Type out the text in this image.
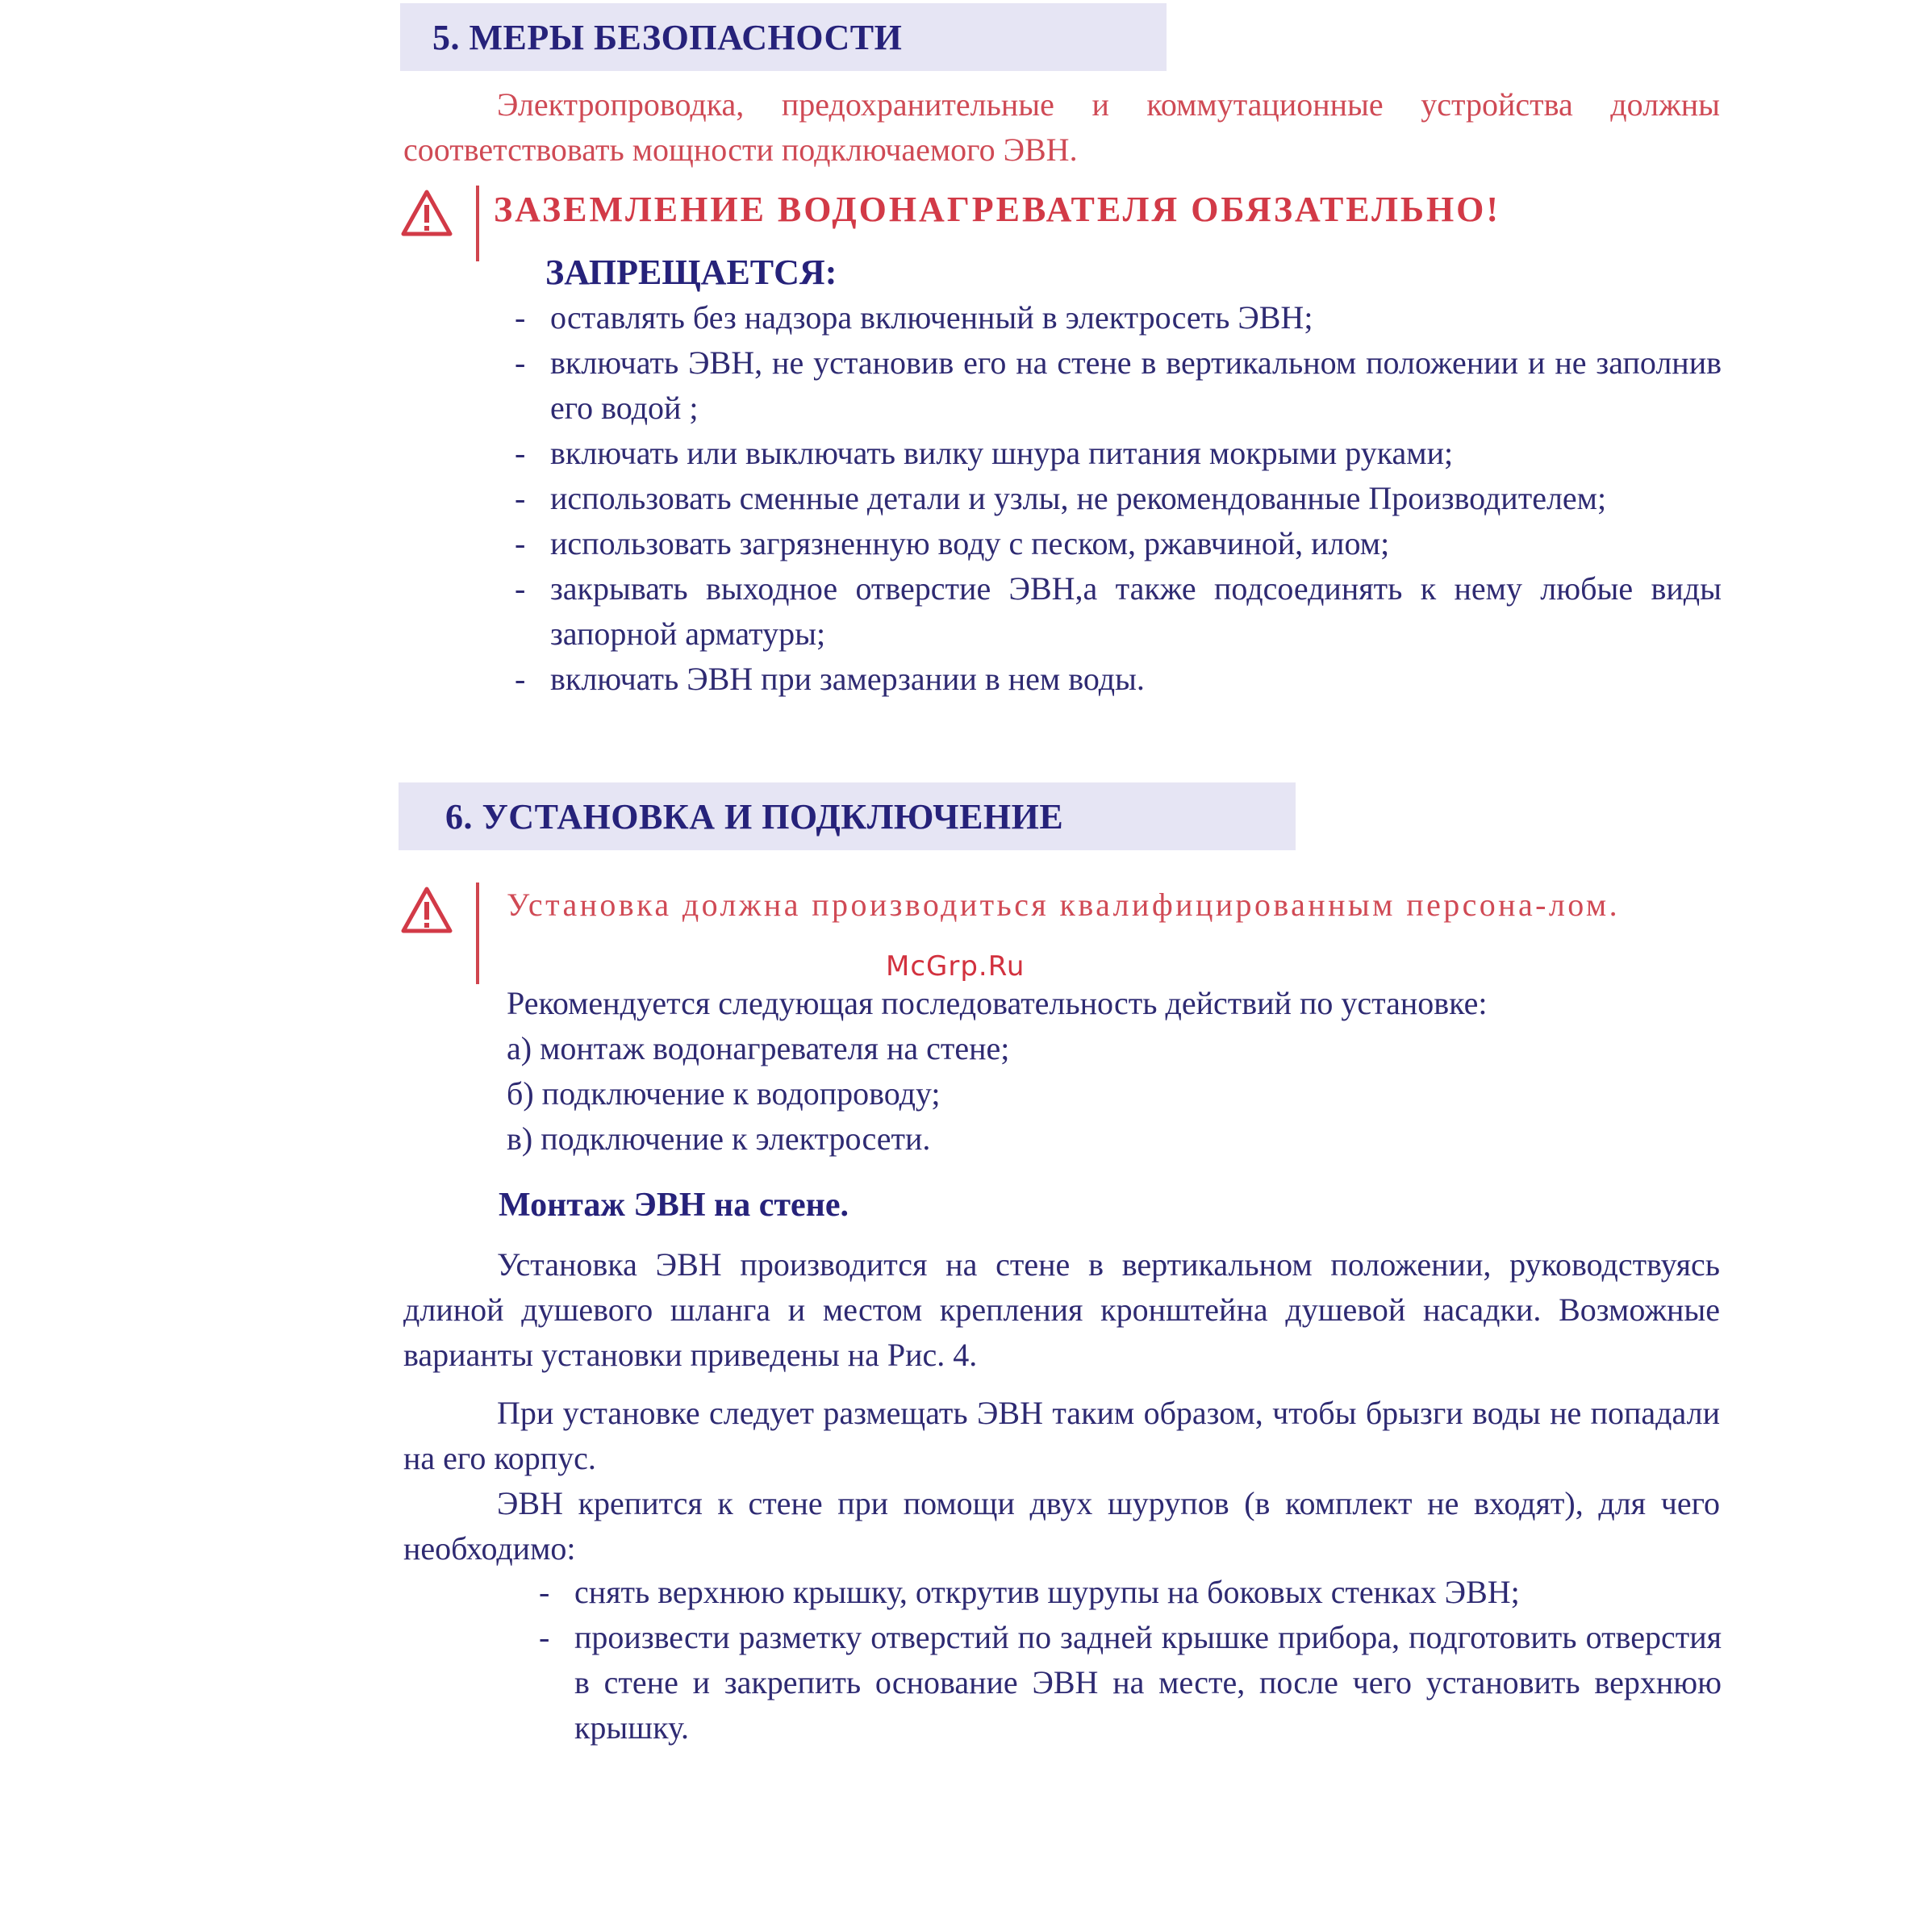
5. МЕРЫ БЕЗОПАСНОСТИ
Электропроводка, предохранительные и коммутационные устройства должны соответствовать мощности подключаемого ЭВН.
ЗАЗЕМЛЕНИЕ ВОДОНАГРЕВАТЕЛЯ ОБЯЗАТЕЛЬНО!
ЗАПРЕЩАЕТСЯ:
- оставлять без надзора включенный в электросеть ЭВН;
- включать ЭВН, не установив его на стене в вертикальном положении и не заполнив его водой ;
- включать или выключать вилку шнура питания мокрыми руками;
- использовать сменные детали и узлы, не рекомендованные Производителем;
- использовать загрязненную воду с песком, ржавчиной, илом;
- закрывать выходное отверстие ЭВН,а также подсоединять к нему любые виды запорной арматуры;
- включать ЭВН при замерзании в нем воды.
6. УСТАНОВКА И ПОДКЛЮЧЕНИЕ
Установка должна производиться квалифицированным персона-лом.
McGrp.Ru
Рекомендуется следующая последовательность действий по установке:
а) монтаж водонагревателя на стене;
б) подключение к водопроводу;
в) подключение к электросети.
Монтаж ЭВН на стене.
Установка ЭВН производится на стене в вертикальном положении, руководствуясь длиной душевого шланга и местом крепления кронштейна душевой насадки. Возможные варианты установки приведены на Рис. 4.
При установке следует размещать ЭВН таким образом, чтобы брызги воды не попадали на его корпус.
ЭВН крепится к стене при помощи двух шурупов (в комплект не входят), для чего необходимо:
- снять верхнюю крышку, открутив шурупы на боковых стенках ЭВН;
- произвести разметку отверстий по задней крышке прибора, подготовить отверстия в стене и закрепить основание ЭВН на месте, после чего установить верхнюю крышку.
